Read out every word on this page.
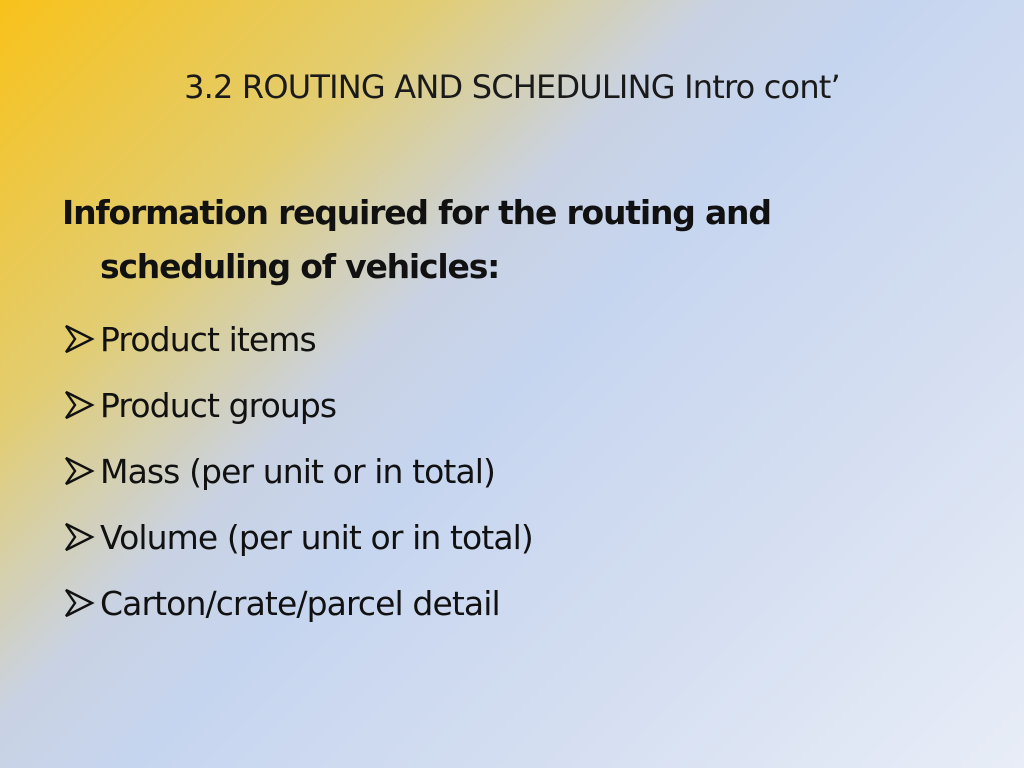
3.2 ROUTING AND SCHEDULING Intro cont’

Information required for the routing and scheduling of vehicles:

Product items
Product groups
Mass (per unit or in total)
Volume (per unit or in total)
Carton/crate/parcel detail
